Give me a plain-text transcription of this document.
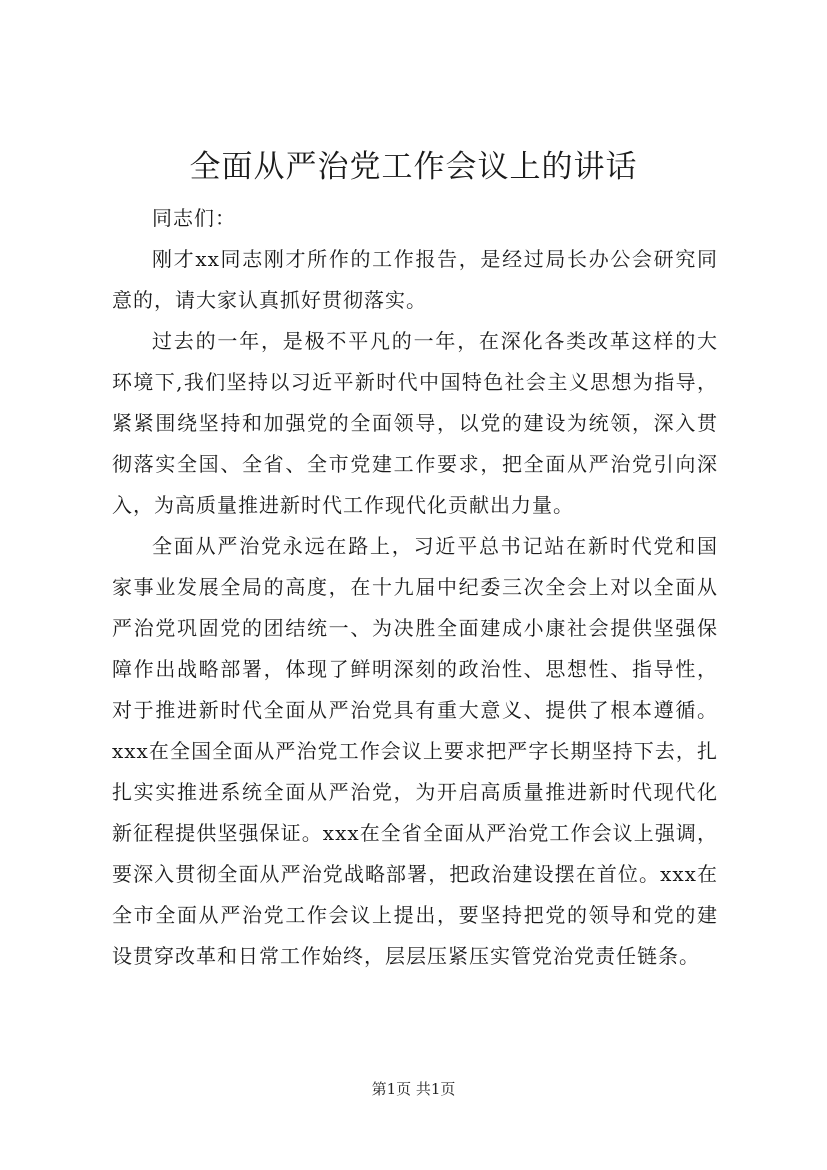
全面从严治党工作会议上的讲话

同志们：

刚才xx同志刚才所作的工作报告，是经过局长办公会研究同意的，请大家认真抓好贯彻落实。

过去的一年，是极不平凡的一年，在深化各类改革这样的大环境下,我们坚持以习近平新时代中国特色社会主义思想为指导，紧紧围绕坚持和加强党的全面领导，以党的建设为统领，深入贯彻落实全国、全省、全市党建工作要求，把全面从严治党引向深入，为高质量推进新时代工作现代化贡献出力量。

全面从严治党永远在路上，习近平总书记站在新时代党和国家事业发展全局的高度，在十九届中纪委三次全会上对以全面从严治党巩固党的团结统一、为决胜全面建成小康社会提供坚强保障作出战略部署，体现了鲜明深刻的政治性、思想性、指导性，对于推进新时代全面从严治党具有重大意义、提供了根本遵循。xxx在全国全面从严治党工作会议上要求把严字长期坚持下去，扎扎实实推进系统全面从严治党，为开启高质量推进新时代现代化新征程提供坚强保证。xxx在全省全面从严治党工作会议上强调，要深入贯彻全面从严治党战略部署，把政治建设摆在首位。xxx在全市全面从严治党工作会议上提出，要坚持把党的领导和党的建设贯穿改革和日常工作始终，层层压紧压实管党治党责任链条。

第1页 共1页
